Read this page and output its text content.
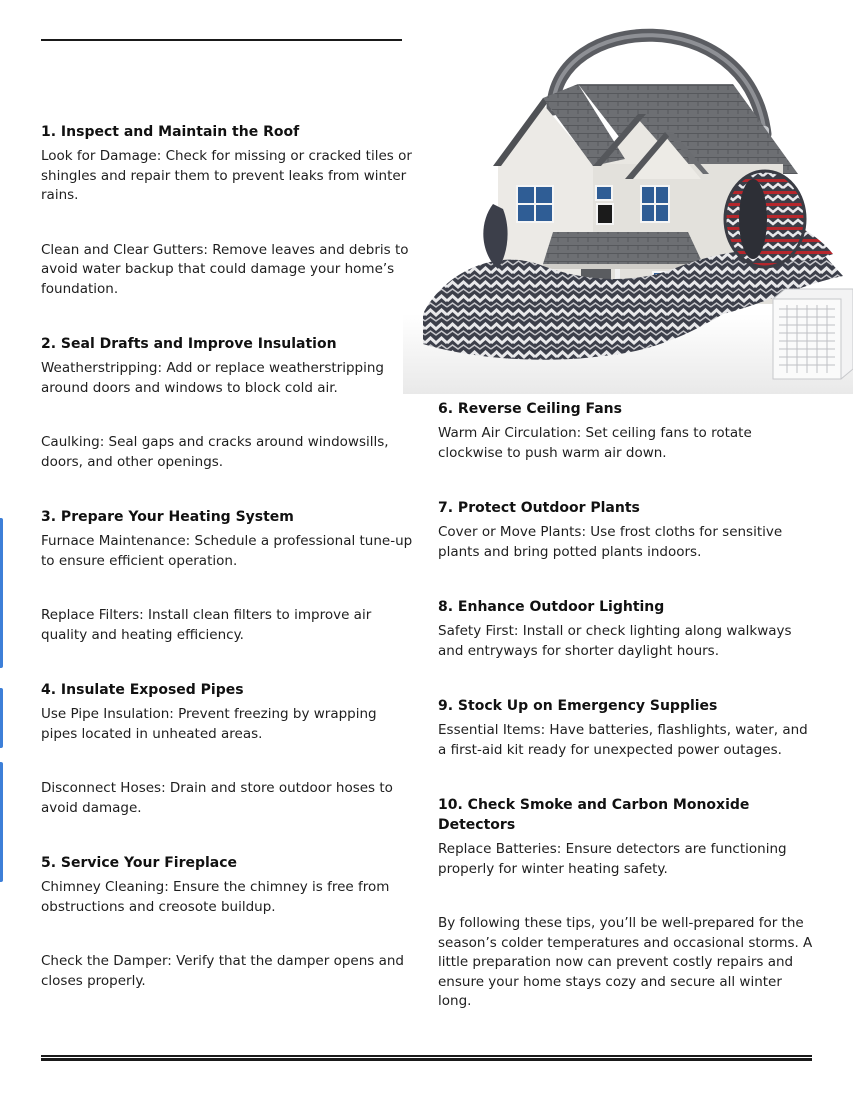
1. Inspect and Maintain the Roof

Look for Damage: Check for missing or cracked tiles or shingles and repair them to prevent leaks from winter rains.

Clean and Clear Gutters: Remove leaves and debris to avoid water backup that could damage your home’s foundation.

2. Seal Drafts and Improve Insulation

Weatherstripping: Add or replace weatherstripping around doors and windows to block cold air.

Caulking: Seal gaps and cracks around windowsills, doors, and other openings.

3. Prepare Your Heating System

Furnace Maintenance: Schedule a professional tune-up to ensure efficient operation.

Replace Filters: Install clean filters to improve air quality and heating efficiency.

4. Insulate Exposed Pipes

Use Pipe Insulation: Prevent freezing by wrapping pipes located in unheated areas.

Disconnect Hoses: Drain and store outdoor hoses to avoid damage.

5. Service Your Fireplace

Chimney Cleaning: Ensure the chimney is free from obstructions and creosote buildup.

Check the Damper: Verify that the damper opens and closes properly.

6. Reverse Ceiling Fans

Warm Air Circulation: Set ceiling fans to rotate clockwise to push warm air down.

7. Protect Outdoor Plants

Cover or Move Plants: Use frost cloths for sensitive plants and bring potted plants indoors.

8. Enhance Outdoor Lighting

Safety First: Install or check lighting along walkways and entryways for shorter daylight hours.

9. Stock Up on Emergency Supplies

Essential Items: Have batteries, flashlights, water, and a first-aid kit ready for unexpected power outages.

10. Check Smoke and Carbon Monoxide Detectors

Replace Batteries: Ensure detectors are functioning properly for winter heating safety.

By following these tips, you’ll be well-prepared for the season’s colder temperatures and occasional storms. A little preparation now can prevent costly repairs and ensure your home stays cozy and secure all winter long.
